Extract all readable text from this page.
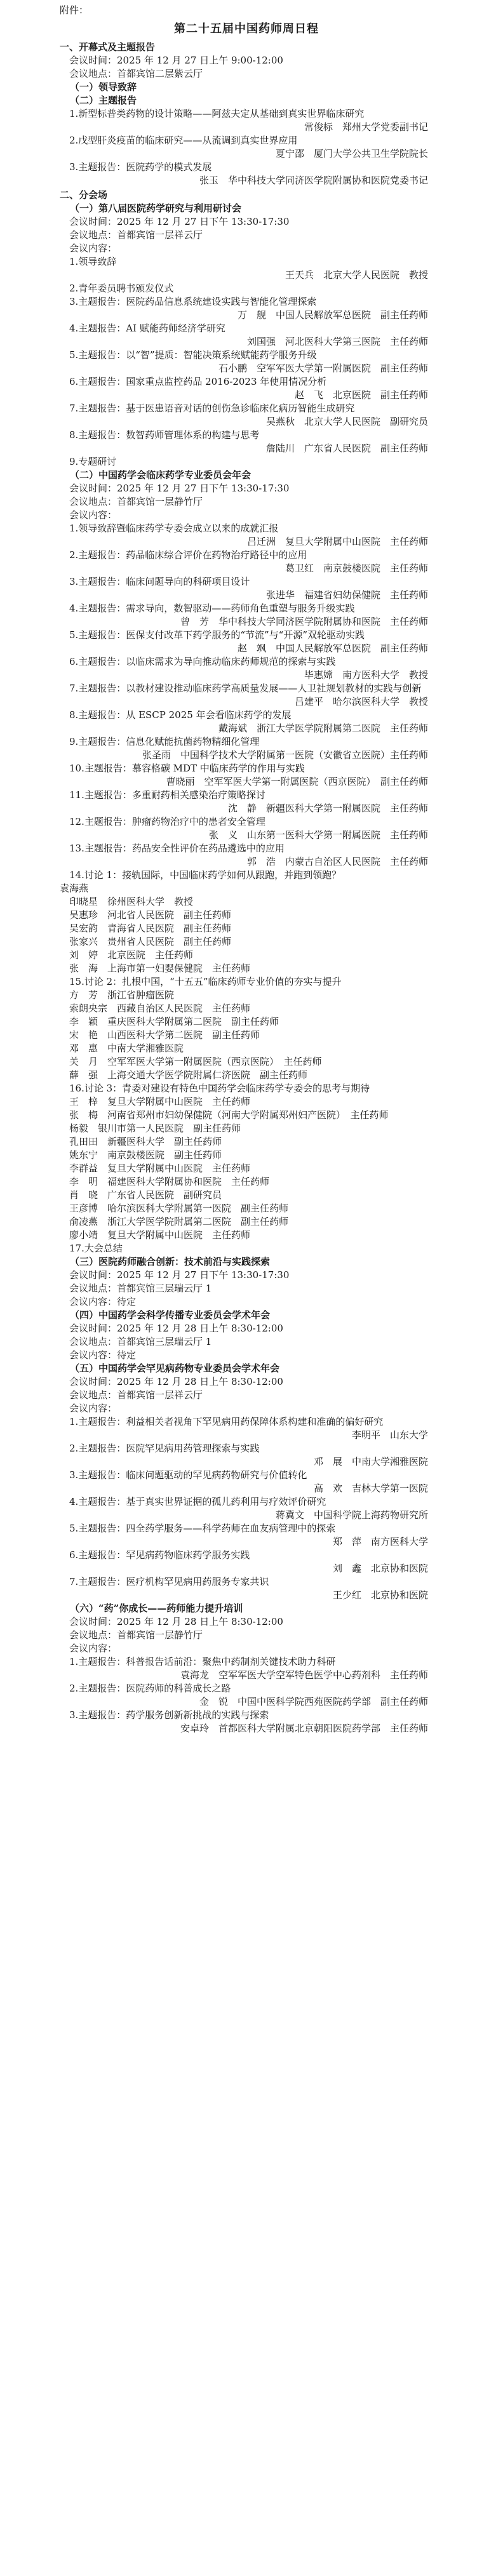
附件：
第二十五届中国药师周日程
一、开幕式及主题报告
会议时间：2025 年 12 月 27 日上午 9:00-12:00
会议地点：首都宾馆二层紫云厅
（一）领导致辞
（二）主题报告
1.新型标普类药物的设计策略——阿兹夫定从基础到真实世界临床研究
常俊标　郑州大学党委副书记
2.戊型肝炎疫苗的临床研究——从流调到真实世界应用
夏宁邵　厦门大学公共卫生学院院长
3.主题报告：医院药学的模式发展
张玉　华中科技大学同济医学院附属协和医院党委书记
二、分会场
（一）第八届医院药学研究与利用研讨会
会议时间：2025 年 12 月 27 日下午 13:30-17:30
会议地点：首都宾馆一层祥云厅
会议内容：
1.领导致辞
王天兵　北京大学人民医院　教授
2.青年委员聘书颁发仪式
3.主题报告：医院药品信息系统建设实践与智能化管理探索
万　舰　中国人民解放军总医院　副主任药师
4.主题报告：AI 赋能药师经济学研究
刘国强　河北医科大学第三医院　主任药师
5.主题报告：以“智”提质：智能决策系统赋能药学服务升级
石小鹏　空军军医大学第一附属医院　副主任药师
6.主题报告：国家重点监控药品 2016-2023 年使用情况分析
赵　飞　北京医院　副主任药师
7.主题报告：基于医患语音对话的创伤急诊临床化病历智能生成研究
吴燕秋　北京大学人民医院　副研究员
8.主题报告：数智药师管理体系的构建与思考
詹陆川　广东省人民医院　副主任药师
9.专题研讨
（二）中国药学会临床药学专业委员会年会
会议时间：2025 年 12 月 27 日下午 13:30-17:30
会议地点：首都宾馆一层静竹厅
会议内容：
1.领导致辞暨临床药学专委会成立以来的成就汇报
吕迁洲　复旦大学附属中山医院　主任药师
2.主题报告：药品临床综合评价在药物治疗路径中的应用
葛卫红　南京鼓楼医院　主任药师
3.主题报告：临床问题导向的科研项目设计
张进华　福建省妇幼保健院　主任药师
4.主题报告：需求导向，数智驱动——药师角色重塑与服务升级实践
曾　芳　华中科技大学同济医学院附属协和医院　主任药师
5.主题报告：医保支付改革下药学服务的“节流”与“开源”双轮驱动实践
赵　飒　中国人民解放军总医院　副主任药师
6.主题报告：以临床需求为导向推动临床药师规范的探索与实践
毕惠嫦　南方医科大学　教授
7.主题报告：以教材建设推动临床药学高质量发展——人卫社规划教材的实践与创新
吕建平　哈尔滨医科大学　教授
8.主题报告：从 ESCP 2025 年会看临床药学的发展
戴海斌　浙江大学医学院附属第二医院　主任药师
9.主题报告：信息化赋能抗菌药物精细化管理
张圣雨　中国科学技术大学附属第一医院（安徽省立医院）主任药师
10.主题报告：慕容格碳 MDT 中临床药学的作用与实践
曹晓丽　空军军医大学第一附属医院（西京医院）　副主任药师
11.主题报告：多重耐药相关感染治疗策略探讨
沈　静　新疆医科大学第一附属医院　主任药师
12.主题报告：肿瘤药物治疗中的患者安全管理
张　义　山东第一医科大学第一附属医院　主任药师
13.主题报告：药品安全性评价在药品遴选中的应用
郭　浩　内蒙古自治区人民医院　主任药师
14.讨论 1：接轨国际，中国临床药学如何从跟跑，并跑到领跑？
袁海燕
印晓星　徐州医科大学　教授
吴惠珍　河北省人民医院　副主任药师
吴宏韵　青海省人民医院　副主任药师
张家兴　贵州省人民医院　副主任药师
刘　婷　北京医院　主任药师
张　海　上海市第一妇婴保健院　主任药师
15.讨论 2：扎根中国，“十五五”临床药师专业价值的夯实与提升
方　芳　浙江省肿瘤医院
索朗央宗　西藏自治区人民医院　主任药师
李　颖　重庆医科大学附属第二医院　副主任药师
宋　艳　山西医科大学第二医院　副主任药师
邓　惠　中南大学湘雅医院
关　月　空军军医大学第一附属医院（西京医院）　主任药师
薛　强　上海交通大学医学院附属仁济医院　副主任药师
16.讨论 3：青委对建设有特色中国药学会临床药学专委会的思考与期待
王　梓　复旦大学附属中山医院　主任药师
张　梅　河南省郑州市妇幼保健院（河南大学附属郑州妇产医院）　主任药师
杨毅　银川市第一人民医院　副主任药师
孔田田　新疆医科大学　副主任药师
姚东宁　南京鼓楼医院　副主任药师
李群益　复旦大学附属中山医院　主任药师
李　明　福建医科大学附属协和医院　主任药师
肖　晓　广东省人民医院　副研究员
王彦博　哈尔滨医科大学附属第一医院　副主任药师
俞凌燕　浙江大学医学院附属第二医院　副主任药师
廖小靖　复旦大学附属中山医院　主任药师
17.大会总结
（三）医院药师融合创新：技术前沿与实践探索
会议时间：2025 年 12 月 27 日下午 13:30-17:30
会议地点：首都宾馆三层瑞云厅 1
会议内容：待定
（四）中国药学会科学传播专业委员会学术年会
会议时间：2025 年 12 月 28 日上午 8:30-12:00
会议地点：首都宾馆三层瑞云厅 1
会议内容：待定
（五）中国药学会罕见病药物专业委员会学术年会
会议时间：2025 年 12 月 28 日上午 8:30-12:00
会议地点：首都宾馆一层祥云厅
会议内容：
1.主题报告：利益相关者视角下罕见病用药保障体系构建和准确的偏好研究
李明平　山东大学
2.主题报告：医院罕见病用药管理探索与实践
邓　展　中南大学湘雅医院
3.主题报告：临床问题驱动的罕见病药物研究与价值转化
高　欢　吉林大学第一医院
4.主题报告：基于真实世界证据的孤儿药利用与疗效评价研究
蒋冀文　中国科学院上海药物研究所
5.主题报告：四全药学服务——科学药师在血友病管理中的探索
郑　萍　南方医科大学
6.主题报告：罕见病药物临床药学服务实践
刘　鑫　北京协和医院
7.主题报告：医疗机构罕见病用药服务专家共识
王少红　北京协和医院
（六）“药”你成长——药师能力提升培训
会议时间：2025 年 12 月 28 日上午 8:30-12:00
会议地点：首都宾馆一层静竹厅
会议内容：
1.主题报告：科普报告话前沿：聚焦中药制剂关键技术助力科研
袁海龙　空军军医大学空军特色医学中心药剂科　主任药师
2.主题报告：医院药师的科普成长之路
金　锐　中国中医科学院西苑医院药学部　副主任药师
3.主题报告：药学服务创新新挑战的实践与探索
安卓玲　首都医科大学附属北京朝阳医院药学部　主任药师
